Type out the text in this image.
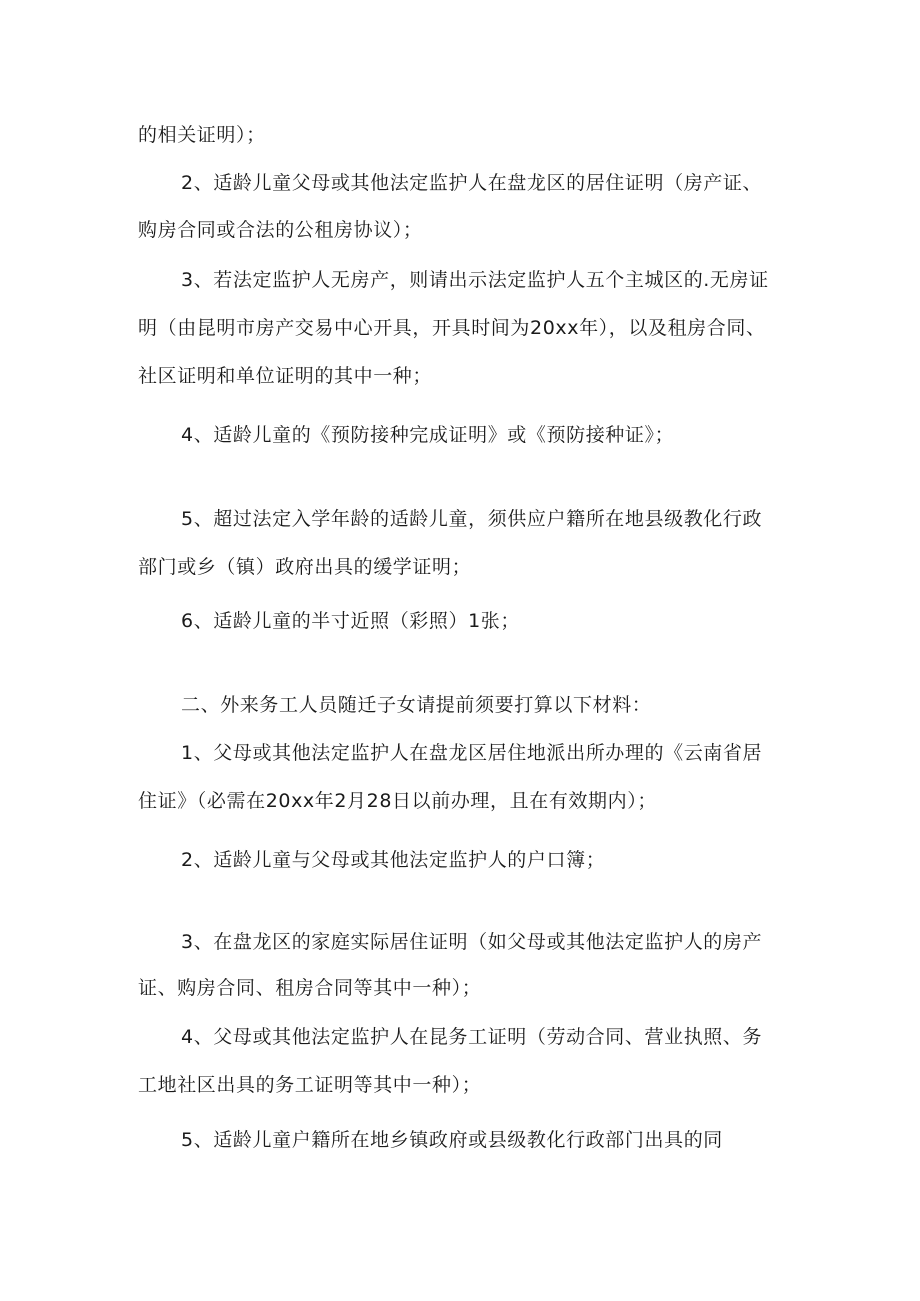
的相关证明）；
2、适龄儿童父母或其他法定监护人在盘龙区的居住证明（房产证、
购房合同或合法的公租房协议）；
3、若法定监护人无房产，则请出示法定监护人五个主城区的.无房证
明（由昆明市房产交易中心开具，开具时间为20xx年），以及租房合同、
社区证明和单位证明的其中一种；
4、适龄儿童的《预防接种完成证明》或《预防接种证》；
5、超过法定入学年龄的适龄儿童，须供应户籍所在地县级教化行政
部门或乡（镇）政府出具的缓学证明；
6、适龄儿童的半寸近照（彩照）1张；
二、外来务工人员随迁子女请提前须要打算以下材料：
1、父母或其他法定监护人在盘龙区居住地派出所办理的《云南省居
住证》（必需在20xx年2月28日以前办理，且在有效期内）；
2、适龄儿童与父母或其他法定监护人的户口簿；
3、在盘龙区的家庭实际居住证明（如父母或其他法定监护人的房产
证、购房合同、租房合同等其中一种）；
4、父母或其他法定监护人在昆务工证明（劳动合同、营业执照、务
工地社区出具的务工证明等其中一种）；
5、适龄儿童户籍所在地乡镇政府或县级教化行政部门出具的同
